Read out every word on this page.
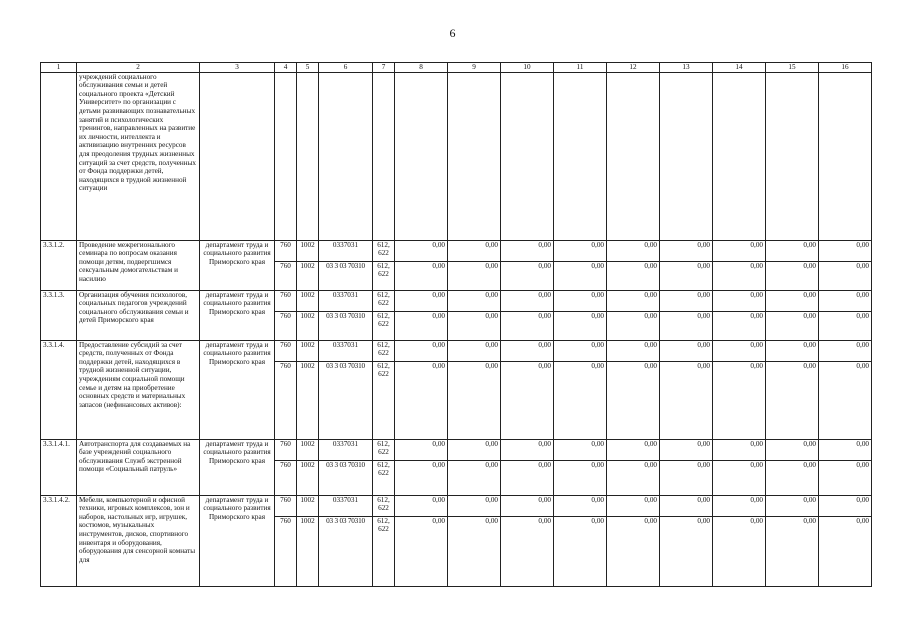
6
1	2	3	4	5	6	7	8	9	10	11	12	13	14	15	16
	учреждений социального обслуживания семьи и детей социального проекта «Детский Университет» по организации с детьми развивающих познавательных занятий и психологических тренингов, направленных на развитие их личности, интеллекта и активизацию внутренних ресурсов для преодоления трудных жизненных ситуаций за счет средств, полученных от Фонда поддержки детей, находящихся в трудной жизненной ситуации														
3.3.1.2.	Проведение межрегионального семинара по вопросам оказания помощи детям, подвергшимся сексуальным домогательствам и насилию	департамент труда и социального развития Приморского края	760	1002	0337031	612, 622	0,00	0,00	0,00	0,00	0,00	0,00	0,00	0,00	0,00
			760	1002	03 3 03 70310	612, 622	0,00	0,00	0,00	0,00	0,00	0,00	0,00	0,00	0,00
3.3.1.3.	Организация обучения психологов, социальных педагогов учреждений социального обслуживания семьи и детей Приморского края	департамент труда и социального развития Приморского края	760	1002	0337031	612, 622	0,00	0,00	0,00	0,00	0,00	0,00	0,00	0,00	0,00
			760	1002	03 3 03 70310	612, 622	0,00	0,00	0,00	0,00	0,00	0,00	0,00	0,00	0,00
3.3.1.4.	Предоставление субсидий за счет средств, полученных от Фонда поддержки детей, находящихся в трудной жизненной ситуации, учреждениям социальной помощи семье и детям на приобретение основных средств и материальных запасов (нефинансовых активов):	департамент труда и социального развития Приморского края	760	1002	0337031	612, 622	0,00	0,00	0,00	0,00	0,00	0,00	0,00	0,00	0,00
			760	1002	03 3 03 70310	612, 622	0,00	0,00	0,00	0,00	0,00	0,00	0,00	0,00	0,00
3.3.1.4.1.	Автотранспорта для создаваемых на базе учреждений социального обслуживания Служб экстренной помощи «Социальный патруль»	департамент труда и социального развития Приморского края	760	1002	0337031	612, 622	0,00	0,00	0,00	0,00	0,00	0,00	0,00	0,00	0,00
			760	1002	03 3 03 70310	612, 622	0,00	0,00	0,00	0,00	0,00	0,00	0,00	0,00	0,00
3.3.1.4.2.	Мебели, компьютерной и офисной техники, игровых комплексов, зон и наборов, настольных игр, игрушек, костюмов, музыкальных инструментов, дисков, спортивного инвентаря и оборудования, оборудования для сенсорной комнаты для	департамент труда и социального развития Приморского края	760	1002	0337031	612, 622	0,00	0,00	0,00	0,00	0,00	0,00	0,00	0,00	0,00
			760	1002	03 3 03 70310	612, 622	0,00	0,00	0,00	0,00	0,00	0,00	0,00	0,00	0,00
